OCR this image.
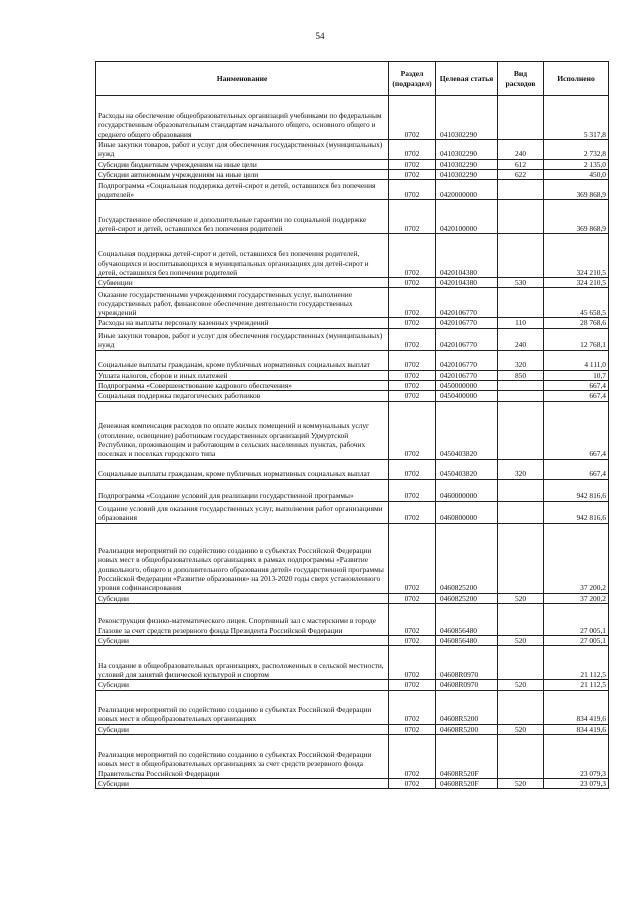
54
Наименование	Раздел (подраздел)	Целевая статья	Вид расходов	Исполнено
Расходы на обеспечение общеобразовательных организаций учебниками по федеральным государственным образовательным стандартам начального общего, основного общего и среднего общего образования	0702	0410302290		5 317,8
Иные закупки товаров, работ и услуг для обеспечения государственных (муниципальных) нужд	0702	0410302290	240	2 732,8
Субсидии бюджетным учреждениям на иные цели	0702	0410302290	612	2 135,0
Субсидии автономным учреждениям на иные цели	0702	0410302290	622	450,0
Подпрограмма «Социальная поддержка детей-сирот и детей, оставшихся без попечения родителей»	0702	0420000000		369 868,9
Государственное обеспечение и дополнительные гарантии по социальной поддержке детей-сирот и детей, оставшихся без попечения родителей	0702	0420100000		369 868,9
Социальная поддержка детей-сирот и детей, оставшихся без попечения родителей, обучающихся и воспитывающихся в муниципальных организациях для детей-сирот и детей, оставшихся без попечения родителей	0702	0420104380		324 210,5
Субвенции	0702	0420104380	530	324 210,5
Оказание государственными учреждениями государственных услуг, выполнение государственных работ, финансовое обеспечение деятельности государственных учреждений	0702	0420106770		45 658,5
Расходы на выплаты персоналу казенных учреждений	0702	0420106770	110	28 768,6
Иные закупки товаров, работ и услуг для обеспечения государственных (муниципальных) нужд	0702	0420106770	240	12 768,1
Социальные выплаты гражданам, кроме публичных нормативных социальных выплат	0702	0420106770	320	4 111,0
Уплата налогов, сборов и иных платежей	0702	0420106770	850	10,7
Подпрограмма «Совершенствование кадрового обеспечения»	0702	0450000000		667,4
Социальная поддержка педагогических работников	0702	0450400000		667,4
Денежная компенсация расходов по оплате жилых помещений и коммунальных услуг (отопление, освещение) работникам государственных организаций Удмуртской Республики, проживающим и работающим в сельских населенных пунктах, рабочих поселках и поселках городского типа	0702	0450403820		667,4
Социальные выплаты гражданам, кроме публичных нормативных социальных выплат	0702	0450403820	320	667,4
Подпрограмма «Создание условий для реализации государственной программы»	0702	0460000000		942 816,6
Создание условий для оказания государственных услуг, выполнения работ организациями образования	0702	0460800000		942 816,6
Реализация мероприятий по содействию созданию в субъектах Российской Федерации новых мест в общеобразовательных организациях в рамках подпрограммы «Развитие дошкольного, общего и дополнительного образования детей» государственной программы Российской Федерации «Развитие образования» на 2013-2020 годы сверх установленного уровня софинансирования	0702	0460825200		37 200,2
Субсидии	0702	0460825200	520	37 200,2
Реконструкция физико-математического лицея. Спортивный зал с мастерскими в городе Глазове за счет средств резервного фонда Президента Российской Федерации	0702	0460856480		27 005,1
Субсидии	0702	0460856480	520	27 005,1
На создание в общеобразовательных организациях, расположенных в сельской местности, условий для занятий физической культурой и спортом	0702	04608R0970		21 112,5
Субсидии	0702	04608R0970	520	21 112,5
Реализация мероприятий по содействию созданию в субъектах Российской Федерации новых мест в общеобразовательных организациях	0702	04608R5200		834 419,6
Субсидии	0702	04608R5200	520	834 419,6
Реализация мероприятий по содействию созданию в субъектах Российской Федерации новых мест в общеобразовательных организациях за счет средств резервного фонда Правительства Российской Федерации	0702	04608R520F		23 079,3
Субсидии	0702	04608R520F	520	23 079,3
